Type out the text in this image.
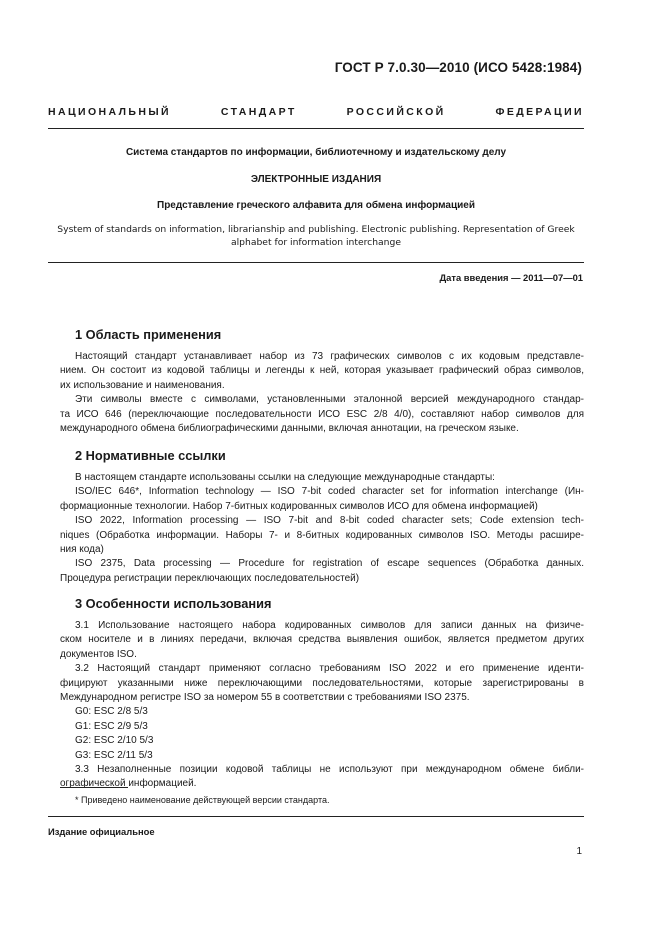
ГОСТ Р 7.0.30—2010 (ИСО 5428:1984)
НАЦИОНАЛЬНЫЙ СТАНДАРТ РОССИЙСКОЙ ФЕДЕРАЦИИ
Система стандартов по информации, библиотечному и издательскому делу
ЭЛЕКТРОННЫЕ ИЗДАНИЯ
Представление греческого алфавита для обмена информацией
System of standards on information, librarianship and publishing. Electronic publishing. Representation of Greek
alphabet for information interchange
Дата введения — 2011—07—01
1 Область применения
Настоящий стандарт устанавливает набор из 73 графических символов с их кодовым представле-
нием. Он состоит из кодовой таблицы и легенды к ней, которая указывает графический образ символов,
их использование и наименования.
Эти символы вместе с символами, установленными эталонной версией международного стандар-
та ИСО 646 (переключающие последовательности ИСО ESC 2/8 4/0), составляют набор символов для
международного обмена библиографическими данными, включая аннотации, на греческом языке.
2 Нормативные ссылки
В настоящем стандарте использованы ссылки на следующие международные стандарты:
ISO/IEC 646*, Information technology — ISO 7-bit coded character set for information interchange (Ин-
формационные технологии. Набор 7-битных кодированных символов ИСО для обмена информацией)
ISO 2022, Information processing — ISO 7-bit and 8-bit coded character sets; Code extension tech-
niques (Обработка информации. Наборы 7- и 8-битных кодированных символов ISO. Методы расшире-
ния кода)
ISO 2375, Data processing — Procedure for registration of escape sequences (Обработка данных.
Процедура регистрации переключающих последовательностей)
3 Особенности использования
3.1 Использование настоящего набора кодированных символов для записи данных на физиче-
ском носителе и в линиях передачи, включая средства выявления ошибок, является предметом других
документов ISO.
3.2 Настоящий стандарт применяют согласно требованиям ISO 2022 и его применение иденти-
фицируют указанными ниже переключающими последовательностями, которые зарегистрированы в
Международном регистре ISO за номером 55 в соответствии с требованиями ISO 2375.
G0: ESC 2/8 5/3
G1: ESC 2/9 5/3
G2: ESC 2/10 5/3
G3: ESC 2/11 5/3
3.3 Незаполненные позиции кодовой таблицы не используют при международном обмене библи-
ографической информацией.
* Приведено наименование действующей версии стандарта.
Издание официальное
1
